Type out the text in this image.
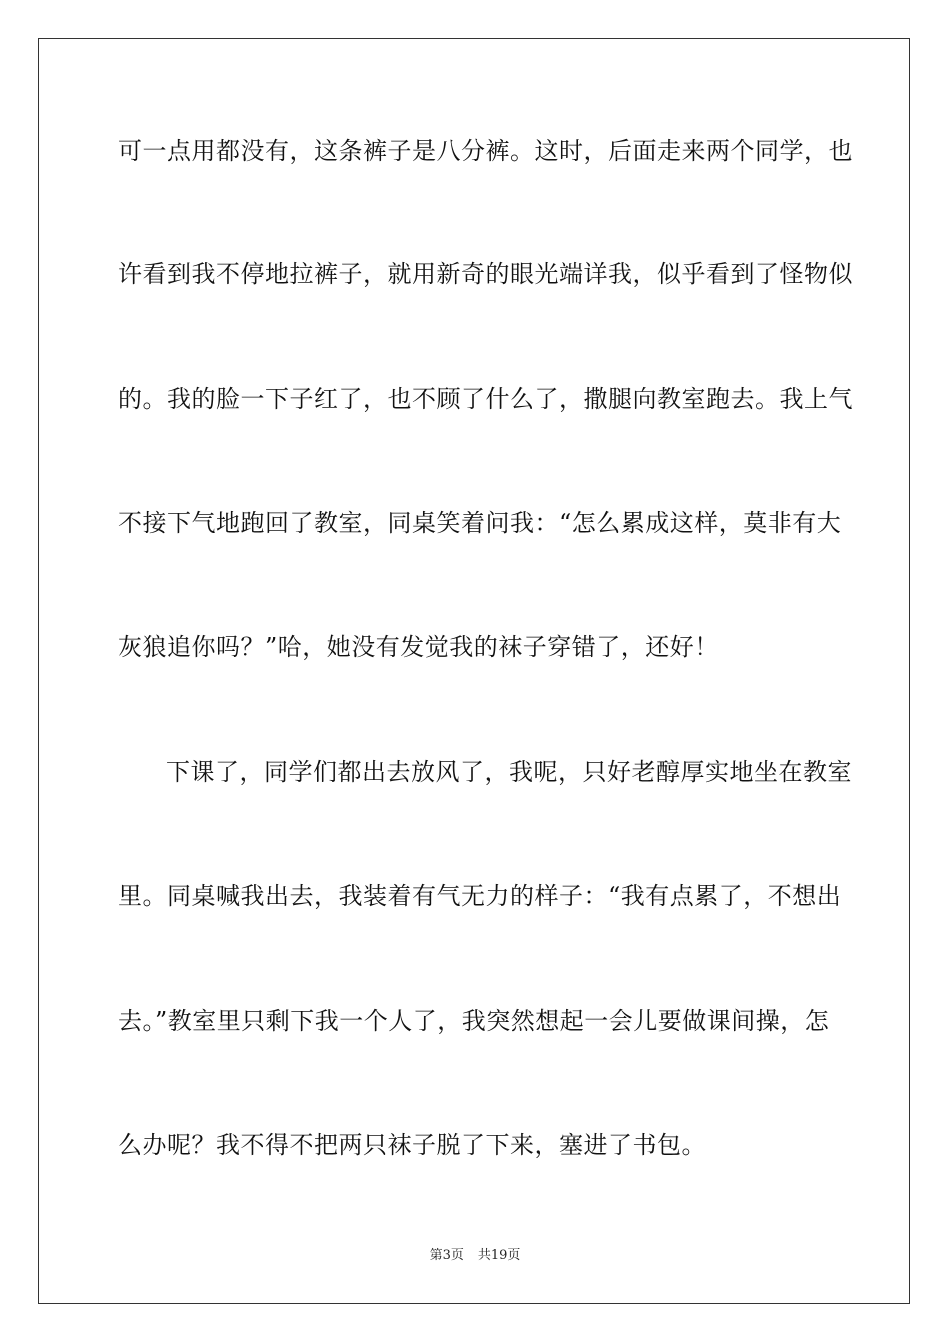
可一点用都没有，这条裤子是八分裤。这时，后面走来两个同学，也
许看到我不停地拉裤子，就用新奇的眼光端详我，似乎看到了怪物似
的。我的脸一下子红了，也不顾了什么了，撒腿向教室跑去。我上气
不接下气地跑回了教室，同桌笑着问我：“怎么累成这样，莫非有大
灰狼追你吗？”哈，她没有发觉我的袜子穿错了，还好！
下课了，同学们都出去放风了，我呢，只好老醇厚实地坐在教室
里。同桌喊我出去，我装着有气无力的样子：“我有点累了，不想出
去。”教室里只剩下我一个人了，我突然想起一会儿要做课间操，怎
么办呢？我不得不把两只袜子脱了下来，塞进了书包。
第3页 共19页
